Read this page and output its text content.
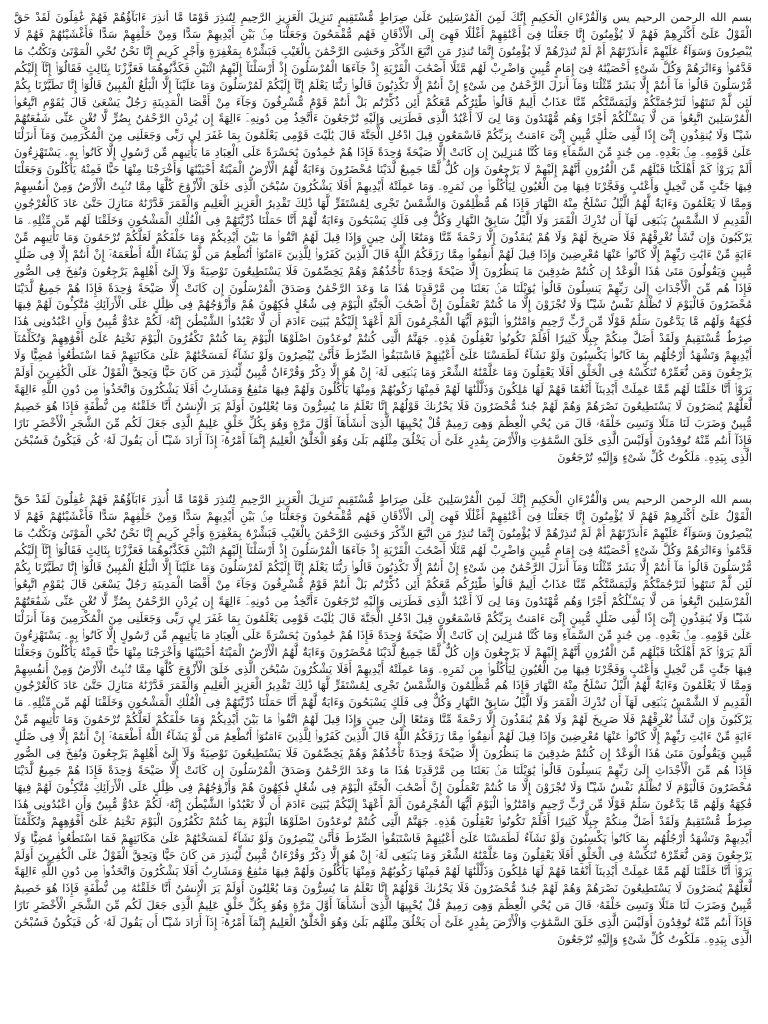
بسم الله الرحمن الرحيم يس وَالْقُرْءَانِ الْحَكِيمِ إِنَّكَ لَمِنَ الْمُرْسَلِينَ عَلَىٰ صِرَاطٍ مُّسْتَقِيمٍ تَنزِيلَ الْعَزِيزِ الرَّحِيمِ لِتُنذِرَ قَوْمًا مَّا أُنذِرَ ءَابَآؤُهُمْ فَهُمْ غَٰفِلُونَ لَقَدْ حَقَّ الْقَوْلُ عَلَىٰٓ أَكْثَرِهِمْ فَهُمْ لَا يُؤْمِنُونَ إِنَّا جَعَلْنَا فِىٓ أَعْنَٰقِهِمْ أَغْلَٰلًا فَهِىَ إِلَى الْأَذْقَانِ فَهُم مُّقْمَحُونَ وَجَعَلْنَا مِنۢ بَيْنِ أَيْدِيهِمْ سَدًّا وَمِنْ خَلْفِهِمْ سَدًّا فَأَغْشَيْنَٰهُمْ فَهُمْ لَا يُبْصِرُونَ وَسَوَآءٌ عَلَيْهِمْ ءَأَنذَرْتَهُمْ أَمْ لَمْ تُنذِرْهُمْ لَا يُؤْمِنُونَ إِنَّمَا تُنذِرُ مَنِ اتَّبَعَ الذِّكْرَ وَخَشِىَ الرَّحْمَٰنَ بِالْغَيْبِ فَبَشِّرْهُ بِمَغْفِرَةٍ وَأَجْرٍ كَرِيمٍ إِنَّا نَحْنُ نُحْىِ الْمَوْتَىٰ وَنَكْتُبُ مَا قَدَّمُوا۟ وَءَاثَٰرَهُمْ وَكُلَّ شَىْءٍ أَحْصَيْنَٰهُ فِىٓ إِمَامٍ مُّبِينٍ وَاضْرِبْ لَهُم مَّثَلًا أَصْحَٰبَ الْقَرْيَةِ إِذْ جَآءَهَا الْمُرْسَلُونَ إِذْ أَرْسَلْنَآ إِلَيْهِمُ اثْنَيْنِ فَكَذَّبُوهُمَا فَعَزَّزْنَا بِثَالِثٍ فَقَالُوٓا۟ إِنَّآ إِلَيْكُم مُّرْسَلُونَ قَالُوا۟ مَآ أَنتُمْ إِلَّا بَشَرٌ مِّثْلُنَا وَمَآ أَنزَلَ الرَّحْمَٰنُ مِن شَىْءٍ إِنْ أَنتُمْ إِلَّا تَكْذِبُونَ قَالُوا۟ رَبُّنَا يَعْلَمُ إِنَّآ إِلَيْكُمْ لَمُرْسَلُونَ وَمَا عَلَيْنَآ إِلَّا الْبَلَٰغُ الْمُبِينُ قَالُوٓا۟ إِنَّا تَطَيَّرْنَا بِكُمْ لَئِن لَّمْ تَنتَهُوا۟ لَنَرْجُمَنَّكُمْ وَلَيَمَسَّنَّكُم مِّنَّا عَذَابٌ أَلِيمٌ قَالُوا۟ طَٰٓئِرُكُم مَّعَكُمْ أَئِن ذُكِّرْتُم بَلْ أَنتُمْ قَوْمٌ مُّسْرِفُونَ وَجَآءَ مِنْ أَقْصَا الْمَدِينَةِ رَجُلٌ يَسْعَىٰ قَالَ يَٰقَوْمِ اتَّبِعُوا۟ الْمُرْسَلِينَ اتَّبِعُوا۟ مَن لَّا يَسْـَٔلُكُمْ أَجْرًا وَهُم مُّهْتَدُونَ وَمَا لِىَ لَآ أَعْبُدُ الَّذِى فَطَرَنِى وَإِلَيْهِ تُرْجَعُونَ ءَأَتَّخِذُ مِن دُونِهِۦٓ ءَالِهَةً إِن يُرِدْنِ الرَّحْمَٰنُ بِضُرٍّ لَّا تُغْنِ عَنِّى شَفَٰعَتُهُمْ شَيْـًٔا وَلَا يُنقِذُونِ إِنِّىٓ إِذًا لَّفِى ضَلَٰلٍ مُّبِينٍ إِنِّىٓ ءَامَنتُ بِرَبِّكُمْ فَاسْمَعُونِ قِيلَ ادْخُلِ الْجَنَّةَ قَالَ يَٰلَيْتَ قَوْمِى يَعْلَمُونَ بِمَا غَفَرَ لِى رَبِّى وَجَعَلَنِى مِنَ الْمُكْرَمِينَ وَمَآ أَنزَلْنَا عَلَىٰ قَوْمِهِۦ مِنۢ بَعْدِهِۦ مِن جُندٍ مِّنَ السَّمَآءِ وَمَا كُنَّا مُنزِلِينَ إِن كَانَتْ إِلَّا صَيْحَةً وَٰحِدَةً فَإِذَا هُمْ خَٰمِدُونَ يَٰحَسْرَةً عَلَى الْعِبَادِ مَا يَأْتِيهِم مِّن رَّسُولٍ إِلَّا كَانُوا۟ بِهِۦ يَسْتَهْزِءُونَ أَلَمْ يَرَوْا۟ كَمْ أَهْلَكْنَا قَبْلَهُم مِّنَ الْقُرُونِ أَنَّهُمْ إِلَيْهِمْ لَا يَرْجِعُونَ وَإِن كُلٌّ لَّمَّا جَمِيعٌ لَّدَيْنَا مُحْضَرُونَ وَءَايَةٌ لَّهُمُ الْأَرْضُ الْمَيْتَةُ أَحْيَيْنَٰهَا وَأَخْرَجْنَا مِنْهَا حَبًّا فَمِنْهُ يَأْكُلُونَ وَجَعَلْنَا فِيهَا جَنَّٰتٍ مِّن نَّخِيلٍ وَأَعْنَٰبٍ وَفَجَّرْنَا فِيهَا مِنَ الْعُيُونِ لِيَأْكُلُوا۟ مِن ثَمَرِهِۦ وَمَا عَمِلَتْهُ أَيْدِيهِمْ أَفَلَا يَشْكُرُونَ سُبْحَٰنَ الَّذِى خَلَقَ الْأَزْوَٰجَ كُلَّهَا مِمَّا تُنۢبِتُ الْأَرْضُ وَمِنْ أَنفُسِهِمْ وَمِمَّا لَا يَعْلَمُونَ وَءَايَةٌ لَّهُمُ الَّيْلُ نَسْلَخُ مِنْهُ النَّهَارَ فَإِذَا هُم مُّظْلِمُونَ وَالشَّمْسُ تَجْرِى لِمُسْتَقَرٍّ لَّهَا ذَٰلِكَ تَقْدِيرُ الْعَزِيزِ الْعَلِيمِ وَالْقَمَرَ قَدَّرْنَٰهُ مَنَازِلَ حَتَّىٰ عَادَ كَالْعُرْجُونِ الْقَدِيمِ لَا الشَّمْسُ يَنۢبَغِى لَهَآ أَن تُدْرِكَ الْقَمَرَ وَلَا الَّيْلُ سَابِقُ النَّهَارِ وَكُلٌّ فِى فَلَكٍ يَسْبَحُونَ وَءَايَةٌ لَّهُمْ أَنَّا حَمَلْنَا ذُرِّيَّتَهُمْ فِى الْفُلْكِ الْمَشْحُونِ وَخَلَقْنَا لَهُم مِّن مِّثْلِهِۦ مَا يَرْكَبُونَ وَإِن نَّشَأْ نُغْرِقْهُمْ فَلَا صَرِيخَ لَهُمْ وَلَا هُمْ يُنقَذُونَ إِلَّا رَحْمَةً مِّنَّا وَمَتَٰعًا إِلَىٰ حِينٍ وَإِذَا قِيلَ لَهُمُ اتَّقُوا۟ مَا بَيْنَ أَيْدِيكُمْ وَمَا خَلْفَكُمْ لَعَلَّكُمْ تُرْحَمُونَ وَمَا تَأْتِيهِم مِّنْ ءَايَةٍ مِّنْ ءَايَٰتِ رَبِّهِمْ إِلَّا كَانُوا۟ عَنْهَا مُعْرِضِينَ وَإِذَا قِيلَ لَهُمْ أَنفِقُوا۟ مِمَّا رَزَقَكُمُ اللَّهُ قَالَ الَّذِينَ كَفَرُوا۟ لِلَّذِينَ ءَامَنُوٓا۟ أَنُطْعِمُ مَن لَّوْ يَشَآءُ اللَّهُ أَطْعَمَهُۥٓ إِنْ أَنتُمْ إِلَّا فِى ضَلَٰلٍ مُّبِينٍ وَيَقُولُونَ مَتَىٰ هَٰذَا الْوَعْدُ إِن كُنتُمْ صَٰدِقِينَ مَا يَنظُرُونَ إِلَّا صَيْحَةً وَٰحِدَةً تَأْخُذُهُمْ وَهُمْ يَخِصِّمُونَ فَلَا يَسْتَطِيعُونَ تَوْصِيَةً وَلَآ إِلَىٰٓ أَهْلِهِمْ يَرْجِعُونَ وَنُفِخَ فِى الصُّورِ فَإِذَا هُم مِّنَ الْأَجْدَاثِ إِلَىٰ رَبِّهِمْ يَنسِلُونَ قَالُوا۟ يَٰوَيْلَنَا مَنۢ بَعَثَنَا مِن مَّرْقَدِنَا هَٰذَا مَا وَعَدَ الرَّحْمَٰنُ وَصَدَقَ الْمُرْسَلُونَ إِن كَانَتْ إِلَّا صَيْحَةً وَٰحِدَةً فَإِذَا هُمْ جَمِيعٌ لَّدَيْنَا مُحْضَرُونَ فَالْيَوْمَ لَا تُظْلَمُ نَفْسٌ شَيْـًٔا وَلَا تُجْزَوْنَ إِلَّا مَا كُنتُمْ تَعْمَلُونَ إِنَّ أَصْحَٰبَ الْجَنَّةِ الْيَوْمَ فِى شُغُلٍ فَٰكِهُونَ هُمْ وَأَزْوَٰجُهُمْ فِى ظِلَٰلٍ عَلَى الْأَرَآئِكِ مُتَّكِـُٔونَ لَهُمْ فِيهَا فَٰكِهَةٌ وَلَهُم مَّا يَدَّعُونَ سَلَٰمٌ قَوْلًا مِّن رَّبٍّ رَّحِيمٍ وَامْتَٰزُوا۟ الْيَوْمَ أَيُّهَا الْمُجْرِمُونَ أَلَمْ أَعْهَدْ إِلَيْكُمْ يَٰبَنِىٓ ءَادَمَ أَن لَّا تَعْبُدُوا۟ الشَّيْطَٰنَ إِنَّهُۥ لَكُمْ عَدُوٌّ مُّبِينٌ وَأَنِ اعْبُدُونِى هَٰذَا صِرَٰطٌ مُّسْتَقِيمٌ وَلَقَدْ أَضَلَّ مِنكُمْ جِبِلًّا كَثِيرًا أَفَلَمْ تَكُونُوا۟ تَعْقِلُونَ هَٰذِهِۦ جَهَنَّمُ الَّتِى كُنتُمْ تُوعَدُونَ اصْلَوْهَا الْيَوْمَ بِمَا كُنتُمْ تَكْفُرُونَ الْيَوْمَ نَخْتِمُ عَلَىٰٓ أَفْوَٰهِهِمْ وَتُكَلِّمُنَآ أَيْدِيهِمْ وَتَشْهَدُ أَرْجُلُهُم بِمَا كَانُوا۟ يَكْسِبُونَ وَلَوْ نَشَآءُ لَطَمَسْنَا عَلَىٰٓ أَعْيُنِهِمْ فَاسْتَبَقُوا۟ الصِّرَٰطَ فَأَنَّىٰ يُبْصِرُونَ وَلَوْ نَشَآءُ لَمَسَخْنَٰهُمْ عَلَىٰ مَكَانَتِهِمْ فَمَا اسْتَطَٰعُوا۟ مُضِيًّا وَلَا يَرْجِعُونَ وَمَن نُّعَمِّرْهُ نُنَكِّسْهُ فِى الْخَلْقِ أَفَلَا يَعْقِلُونَ وَمَا عَلَّمْنَٰهُ الشِّعْرَ وَمَا يَنۢبَغِى لَهُۥٓ إِنْ هُوَ إِلَّا ذِكْرٌ وَقُرْءَانٌ مُّبِينٌ لِّيُنذِرَ مَن كَانَ حَيًّا وَيَحِقَّ الْقَوْلُ عَلَى الْكَٰفِرِينَ أَوَلَمْ يَرَوْا۟ أَنَّا خَلَقْنَا لَهُم مِّمَّا عَمِلَتْ أَيْدِينَآ أَنْعَٰمًا فَهُمْ لَهَا مَٰلِكُونَ وَذَلَّلْنَٰهَا لَهُمْ فَمِنْهَا رَكُوبُهُمْ وَمِنْهَا يَأْكُلُونَ وَلَهُمْ فِيهَا مَنَٰفِعُ وَمَشَارِبُ أَفَلَا يَشْكُرُونَ وَاتَّخَذُوا۟ مِن دُونِ اللَّهِ ءَالِهَةً لَّعَلَّهُمْ يُنصَرُونَ لَا يَسْتَطِيعُونَ نَصْرَهُمْ وَهُمْ لَهُمْ جُندٌ مُّحْضَرُونَ فَلَا يَحْزُنكَ قَوْلُهُمْ إِنَّا نَعْلَمُ مَا يُسِرُّونَ وَمَا يُعْلِنُونَ أَوَلَمْ يَرَ الْإِنسَٰنُ أَنَّا خَلَقْنَٰهُ مِن نُّطْفَةٍ فَإِذَا هُوَ خَصِيمٌ مُّبِينٌ وَضَرَبَ لَنَا مَثَلًا وَنَسِىَ خَلْقَهُۥ قَالَ مَن يُحْىِ الْعِظَٰمَ وَهِىَ رَمِيمٌ قُلْ يُحْيِيهَا الَّذِىٓ أَنشَأَهَآ أَوَّلَ مَرَّةٍ وَهُوَ بِكُلِّ خَلْقٍ عَلِيمٌ الَّذِى جَعَلَ لَكُم مِّنَ الشَّجَرِ الْأَخْضَرِ نَارًا فَإِذَآ أَنتُم مِّنْهُ تُوقِدُونَ أَوَلَيْسَ الَّذِى خَلَقَ السَّمَٰوَٰتِ وَالْأَرْضَ بِقَٰدِرٍ عَلَىٰٓ أَن يَخْلُقَ مِثْلَهُم بَلَىٰ وَهُوَ الْخَلَّٰقُ الْعَلِيمُ إِنَّمَآ أَمْرُهُۥٓ إِذَآ أَرَادَ شَيْـًٔا أَن يَقُولَ لَهُۥ كُن فَيَكُونُ فَسُبْحَٰنَ الَّذِى بِيَدِهِۦ مَلَكُوتُ كُلِّ شَىْءٍ وَإِلَيْهِ تُرْجَعُونَ

بسم الله الرحمن الرحيم يس وَالْقُرْءَانِ الْحَكِيمِ إِنَّكَ لَمِنَ الْمُرْسَلِينَ عَلَىٰ صِرَاطٍ مُّسْتَقِيمٍ تَنزِيلَ الْعَزِيزِ الرَّحِيمِ لِتُنذِرَ قَوْمًا مَّا أُنذِرَ ءَابَآؤُهُمْ فَهُمْ غَٰفِلُونَ لَقَدْ حَقَّ الْقَوْلُ عَلَىٰٓ أَكْثَرِهِمْ فَهُمْ لَا يُؤْمِنُونَ إِنَّا جَعَلْنَا فِىٓ أَعْنَٰقِهِمْ أَغْلَٰلًا فَهِىَ إِلَى الْأَذْقَانِ فَهُم مُّقْمَحُونَ وَجَعَلْنَا مِنۢ بَيْنِ أَيْدِيهِمْ سَدًّا وَمِنْ خَلْفِهِمْ سَدًّا فَأَغْشَيْنَٰهُمْ فَهُمْ لَا يُبْصِرُونَ وَسَوَآءٌ عَلَيْهِمْ ءَأَنذَرْتَهُمْ أَمْ لَمْ تُنذِرْهُمْ لَا يُؤْمِنُونَ إِنَّمَا تُنذِرُ مَنِ اتَّبَعَ الذِّكْرَ وَخَشِىَ الرَّحْمَٰنَ بِالْغَيْبِ فَبَشِّرْهُ بِمَغْفِرَةٍ وَأَجْرٍ كَرِيمٍ إِنَّا نَحْنُ نُحْىِ الْمَوْتَىٰ وَنَكْتُبُ مَا قَدَّمُوا۟ وَءَاثَٰرَهُمْ وَكُلَّ شَىْءٍ أَحْصَيْنَٰهُ فِىٓ إِمَامٍ مُّبِينٍ وَاضْرِبْ لَهُم مَّثَلًا أَصْحَٰبَ الْقَرْيَةِ إِذْ جَآءَهَا الْمُرْسَلُونَ إِذْ أَرْسَلْنَآ إِلَيْهِمُ اثْنَيْنِ فَكَذَّبُوهُمَا فَعَزَّزْنَا بِثَالِثٍ فَقَالُوٓا۟ إِنَّآ إِلَيْكُم مُّرْسَلُونَ قَالُوا۟ مَآ أَنتُمْ إِلَّا بَشَرٌ مِّثْلُنَا وَمَآ أَنزَلَ الرَّحْمَٰنُ مِن شَىْءٍ إِنْ أَنتُمْ إِلَّا تَكْذِبُونَ قَالُوا۟ رَبُّنَا يَعْلَمُ إِنَّآ إِلَيْكُمْ لَمُرْسَلُونَ وَمَا عَلَيْنَآ إِلَّا الْبَلَٰغُ الْمُبِينُ قَالُوٓا۟ إِنَّا تَطَيَّرْنَا بِكُمْ لَئِن لَّمْ تَنتَهُوا۟ لَنَرْجُمَنَّكُمْ وَلَيَمَسَّنَّكُم مِّنَّا عَذَابٌ أَلِيمٌ قَالُوا۟ طَٰٓئِرُكُم مَّعَكُمْ أَئِن ذُكِّرْتُم بَلْ أَنتُمْ قَوْمٌ مُّسْرِفُونَ وَجَآءَ مِنْ أَقْصَا الْمَدِينَةِ رَجُلٌ يَسْعَىٰ قَالَ يَٰقَوْمِ اتَّبِعُوا۟ الْمُرْسَلِينَ اتَّبِعُوا۟ مَن لَّا يَسْـَٔلُكُمْ أَجْرًا وَهُم مُّهْتَدُونَ وَمَا لِىَ لَآ أَعْبُدُ الَّذِى فَطَرَنِى وَإِلَيْهِ تُرْجَعُونَ ءَأَتَّخِذُ مِن دُونِهِۦٓ ءَالِهَةً إِن يُرِدْنِ الرَّحْمَٰنُ بِضُرٍّ لَّا تُغْنِ عَنِّى شَفَٰعَتُهُمْ شَيْـًٔا وَلَا يُنقِذُونِ إِنِّىٓ إِذًا لَّفِى ضَلَٰلٍ مُّبِينٍ إِنِّىٓ ءَامَنتُ بِرَبِّكُمْ فَاسْمَعُونِ قِيلَ ادْخُلِ الْجَنَّةَ قَالَ يَٰلَيْتَ قَوْمِى يَعْلَمُونَ بِمَا غَفَرَ لِى رَبِّى وَجَعَلَنِى مِنَ الْمُكْرَمِينَ وَمَآ أَنزَلْنَا عَلَىٰ قَوْمِهِۦ مِنۢ بَعْدِهِۦ مِن جُندٍ مِّنَ السَّمَآءِ وَمَا كُنَّا مُنزِلِينَ إِن كَانَتْ إِلَّا صَيْحَةً وَٰحِدَةً فَإِذَا هُمْ خَٰمِدُونَ يَٰحَسْرَةً عَلَى الْعِبَادِ مَا يَأْتِيهِم مِّن رَّسُولٍ إِلَّا كَانُوا۟ بِهِۦ يَسْتَهْزِءُونَ أَلَمْ يَرَوْا۟ كَمْ أَهْلَكْنَا قَبْلَهُم مِّنَ الْقُرُونِ أَنَّهُمْ إِلَيْهِمْ لَا يَرْجِعُونَ وَإِن كُلٌّ لَّمَّا جَمِيعٌ لَّدَيْنَا مُحْضَرُونَ وَءَايَةٌ لَّهُمُ الْأَرْضُ الْمَيْتَةُ أَحْيَيْنَٰهَا وَأَخْرَجْنَا مِنْهَا حَبًّا فَمِنْهُ يَأْكُلُونَ وَجَعَلْنَا فِيهَا جَنَّٰتٍ مِّن نَّخِيلٍ وَأَعْنَٰبٍ وَفَجَّرْنَا فِيهَا مِنَ الْعُيُونِ لِيَأْكُلُوا۟ مِن ثَمَرِهِۦ وَمَا عَمِلَتْهُ أَيْدِيهِمْ أَفَلَا يَشْكُرُونَ سُبْحَٰنَ الَّذِى خَلَقَ الْأَزْوَٰجَ كُلَّهَا مِمَّا تُنۢبِتُ الْأَرْضُ وَمِنْ أَنفُسِهِمْ وَمِمَّا لَا يَعْلَمُونَ وَءَايَةٌ لَّهُمُ الَّيْلُ نَسْلَخُ مِنْهُ النَّهَارَ فَإِذَا هُم مُّظْلِمُونَ وَالشَّمْسُ تَجْرِى لِمُسْتَقَرٍّ لَّهَا ذَٰلِكَ تَقْدِيرُ الْعَزِيزِ الْعَلِيمِ وَالْقَمَرَ قَدَّرْنَٰهُ مَنَازِلَ حَتَّىٰ عَادَ كَالْعُرْجُونِ الْقَدِيمِ لَا الشَّمْسُ يَنۢبَغِى لَهَآ أَن تُدْرِكَ الْقَمَرَ وَلَا الَّيْلُ سَابِقُ النَّهَارِ وَكُلٌّ فِى فَلَكٍ يَسْبَحُونَ وَءَايَةٌ لَّهُمْ أَنَّا حَمَلْنَا ذُرِّيَّتَهُمْ فِى الْفُلْكِ الْمَشْحُونِ وَخَلَقْنَا لَهُم مِّن مِّثْلِهِۦ مَا يَرْكَبُونَ وَإِن نَّشَأْ نُغْرِقْهُمْ فَلَا صَرِيخَ لَهُمْ وَلَا هُمْ يُنقَذُونَ إِلَّا رَحْمَةً مِّنَّا وَمَتَٰعًا إِلَىٰ حِينٍ وَإِذَا قِيلَ لَهُمُ اتَّقُوا۟ مَا بَيْنَ أَيْدِيكُمْ وَمَا خَلْفَكُمْ لَعَلَّكُمْ تُرْحَمُونَ وَمَا تَأْتِيهِم مِّنْ ءَايَةٍ مِّنْ ءَايَٰتِ رَبِّهِمْ إِلَّا كَانُوا۟ عَنْهَا مُعْرِضِينَ وَإِذَا قِيلَ لَهُمْ أَنفِقُوا۟ مِمَّا رَزَقَكُمُ اللَّهُ قَالَ الَّذِينَ كَفَرُوا۟ لِلَّذِينَ ءَامَنُوٓا۟ أَنُطْعِمُ مَن لَّوْ يَشَآءُ اللَّهُ أَطْعَمَهُۥٓ إِنْ أَنتُمْ إِلَّا فِى ضَلَٰلٍ مُّبِينٍ وَيَقُولُونَ مَتَىٰ هَٰذَا الْوَعْدُ إِن كُنتُمْ صَٰدِقِينَ مَا يَنظُرُونَ إِلَّا صَيْحَةً وَٰحِدَةً تَأْخُذُهُمْ وَهُمْ يَخِصِّمُونَ فَلَا يَسْتَطِيعُونَ تَوْصِيَةً وَلَآ إِلَىٰٓ أَهْلِهِمْ يَرْجِعُونَ وَنُفِخَ فِى الصُّورِ فَإِذَا هُم مِّنَ الْأَجْدَاثِ إِلَىٰ رَبِّهِمْ يَنسِلُونَ قَالُوا۟ يَٰوَيْلَنَا مَنۢ بَعَثَنَا مِن مَّرْقَدِنَا هَٰذَا مَا وَعَدَ الرَّحْمَٰنُ وَصَدَقَ الْمُرْسَلُونَ إِن كَانَتْ إِلَّا صَيْحَةً وَٰحِدَةً فَإِذَا هُمْ جَمِيعٌ لَّدَيْنَا مُحْضَرُونَ فَالْيَوْمَ لَا تُظْلَمُ نَفْسٌ شَيْـًٔا وَلَا تُجْزَوْنَ إِلَّا مَا كُنتُمْ تَعْمَلُونَ إِنَّ أَصْحَٰبَ الْجَنَّةِ الْيَوْمَ فِى شُغُلٍ فَٰكِهُونَ هُمْ وَأَزْوَٰجُهُمْ فِى ظِلَٰلٍ عَلَى الْأَرَآئِكِ مُتَّكِـُٔونَ لَهُمْ فِيهَا فَٰكِهَةٌ وَلَهُم مَّا يَدَّعُونَ سَلَٰمٌ قَوْلًا مِّن رَّبٍّ رَّحِيمٍ وَامْتَٰزُوا۟ الْيَوْمَ أَيُّهَا الْمُجْرِمُونَ أَلَمْ أَعْهَدْ إِلَيْكُمْ يَٰبَنِىٓ ءَادَمَ أَن لَّا تَعْبُدُوا۟ الشَّيْطَٰنَ إِنَّهُۥ لَكُمْ عَدُوٌّ مُّبِينٌ وَأَنِ اعْبُدُونِى هَٰذَا صِرَٰطٌ مُّسْتَقِيمٌ وَلَقَدْ أَضَلَّ مِنكُمْ جِبِلًّا كَثِيرًا أَفَلَمْ تَكُونُوا۟ تَعْقِلُونَ هَٰذِهِۦ جَهَنَّمُ الَّتِى كُنتُمْ تُوعَدُونَ اصْلَوْهَا الْيَوْمَ بِمَا كُنتُمْ تَكْفُرُونَ الْيَوْمَ نَخْتِمُ عَلَىٰٓ أَفْوَٰهِهِمْ وَتُكَلِّمُنَآ أَيْدِيهِمْ وَتَشْهَدُ أَرْجُلُهُم بِمَا كَانُوا۟ يَكْسِبُونَ وَلَوْ نَشَآءُ لَطَمَسْنَا عَلَىٰٓ أَعْيُنِهِمْ فَاسْتَبَقُوا۟ الصِّرَٰطَ فَأَنَّىٰ يُبْصِرُونَ وَلَوْ نَشَآءُ لَمَسَخْنَٰهُمْ عَلَىٰ مَكَانَتِهِمْ فَمَا اسْتَطَٰعُوا۟ مُضِيًّا وَلَا يَرْجِعُونَ وَمَن نُّعَمِّرْهُ نُنَكِّسْهُ فِى الْخَلْقِ أَفَلَا يَعْقِلُونَ وَمَا عَلَّمْنَٰهُ الشِّعْرَ وَمَا يَنۢبَغِى لَهُۥٓ إِنْ هُوَ إِلَّا ذِكْرٌ وَقُرْءَانٌ مُّبِينٌ لِّيُنذِرَ مَن كَانَ حَيًّا وَيَحِقَّ الْقَوْلُ عَلَى الْكَٰفِرِينَ أَوَلَمْ يَرَوْا۟ أَنَّا خَلَقْنَا لَهُم مِّمَّا عَمِلَتْ أَيْدِينَآ أَنْعَٰمًا فَهُمْ لَهَا مَٰلِكُونَ وَذَلَّلْنَٰهَا لَهُمْ فَمِنْهَا رَكُوبُهُمْ وَمِنْهَا يَأْكُلُونَ وَلَهُمْ فِيهَا مَنَٰفِعُ وَمَشَارِبُ أَفَلَا يَشْكُرُونَ وَاتَّخَذُوا۟ مِن دُونِ اللَّهِ ءَالِهَةً لَّعَلَّهُمْ يُنصَرُونَ لَا يَسْتَطِيعُونَ نَصْرَهُمْ وَهُمْ لَهُمْ جُندٌ مُّحْضَرُونَ فَلَا يَحْزُنكَ قَوْلُهُمْ إِنَّا نَعْلَمُ مَا يُسِرُّونَ وَمَا يُعْلِنُونَ أَوَلَمْ يَرَ الْإِنسَٰنُ أَنَّا خَلَقْنَٰهُ مِن نُّطْفَةٍ فَإِذَا هُوَ خَصِيمٌ مُّبِينٌ وَضَرَبَ لَنَا مَثَلًا وَنَسِىَ خَلْقَهُۥ قَالَ مَن يُحْىِ الْعِظَٰمَ وَهِىَ رَمِيمٌ قُلْ يُحْيِيهَا الَّذِىٓ أَنشَأَهَآ أَوَّلَ مَرَّةٍ وَهُوَ بِكُلِّ خَلْقٍ عَلِيمٌ الَّذِى جَعَلَ لَكُم مِّنَ الشَّجَرِ الْأَخْضَرِ نَارًا فَإِذَآ أَنتُم مِّنْهُ تُوقِدُونَ أَوَلَيْسَ الَّذِى خَلَقَ السَّمَٰوَٰتِ وَالْأَرْضَ بِقَٰدِرٍ عَلَىٰٓ أَن يَخْلُقَ مِثْلَهُم بَلَىٰ وَهُوَ الْخَلَّٰقُ الْعَلِيمُ إِنَّمَآ أَمْرُهُۥٓ إِذَآ أَرَادَ شَيْـًٔا أَن يَقُولَ لَهُۥ كُن فَيَكُونُ فَسُبْحَٰنَ الَّذِى بِيَدِهِۦ مَلَكُوتُ كُلِّ شَىْءٍ وَإِلَيْهِ تُرْجَعُونَ
